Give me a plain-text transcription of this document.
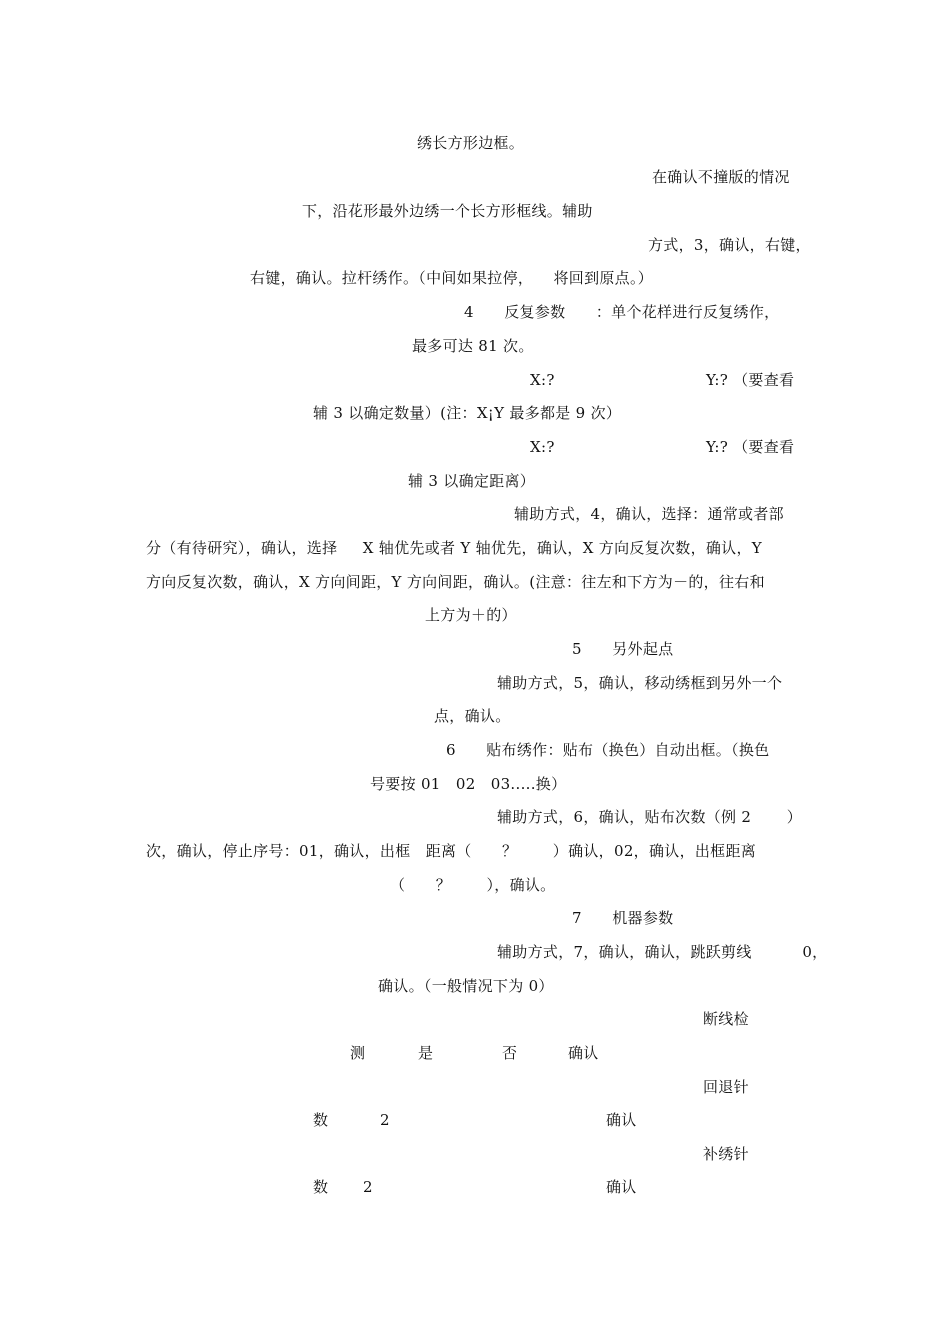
绣长方形边框。
在确认不撞版的情况
下，沿花形最外边绣一个长方形框线。辅助
方式，3，确认，右键，
右键，确认。拉杆绣作。（中间如果拉停，    将回到原点。）
4      反复参数      ：单个花样进行反复绣作，
最多可达 81 次。
X:?	Y:? （要查看
辅 3 以确定数量）(注：X¡Y 最多都是 9 次）
X:?	Y:? （要查看
辅 3 以确定距离）
辅助方式，4，确认，选择：通常或者部
分（有待研究），确认，选择     X 轴优先或者 Y 轴优先，确认，X 方向反复次数，确认，Y
方向反复次数，确认，X 方向间距，Y 方向间距，确认。(注意：往左和下方为－的，往右和
上方为＋的）
5      另外起点
辅助方式，5，确认，移动绣框到另外一个
点，确认。
6      贴布绣作：贴布（换色）自动出框。（换色
号要按 01   02   03.....换）
辅助方式，6，确认，贴布次数（例 2       ）
次，确认，停止序号：01，确认，出框   距离（      ？       ）确认，02，确认，出框距离
（      ？       ），确认。
7      机器参数
辅助方式，7，确认，确认，跳跃剪线          0，
确认。（一般情况下为 0）
断线检
测	是	否	确认
回退针
数	2	确认
补绣针
数 2	确认
